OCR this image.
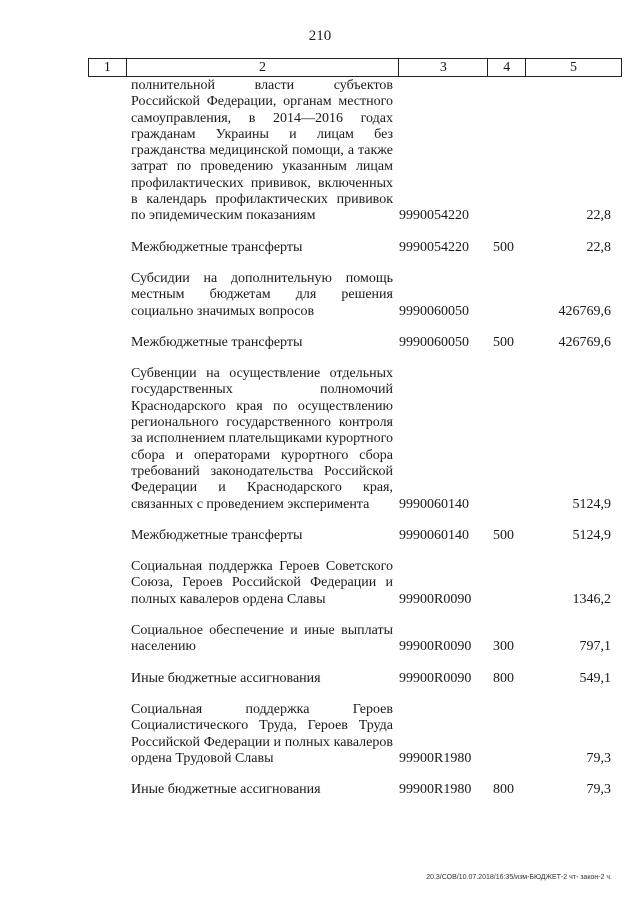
210
1	2	3	4	5
полнительной власти субъектов Российской Федерации, органам местного самоуправления, в 2014—2016 годах гражданам Украины и лицам без гражданства медицинской помощи, а также затрат по проведению указанным лицам профилактических прививок, включенных в календарь профилактических прививок по эпидемическим показаниям	9990054220	22,8
Межбюджетные трансферты	9990054220 500	22,8
Субсидии на дополнительную помощь местным бюджетам для решения социально значимых вопросов	9990060050	426769,6
Межбюджетные трансферты	9990060050 500	426769,6
Субвенции на осуществление отдельных государственных полномочий Краснодарского края по осуществлению регионального государственного контроля за исполнением плательщиками курортного сбора и операторами курортного сбора требований законодательства Российской Федерации и Краснодарского края, связанных с проведением эксперимента	9990060140	5124,9
Межбюджетные трансферты	9990060140 500	5124,9
Социальная поддержка Героев Советского Союза, Героев Российской Федерации и полных кавалеров ордена Славы	99900R0090	1346,2
Социальное обеспечение и иные выплаты населению	99900R0090 300	797,1
Иные бюджетные ассигнования	99900R0090 800	549,1
Социальная поддержка Героев Социалистического Труда, Героев Труда Российской Федерации и полных кавалеров ордена Трудовой Славы	99900R1980	79,3
Иные бюджетные ассигнования	99900R1980 800	79,3
20.3/СОВ/10.07.2018/16:35/изм-БЮДЖЕТ-2 чт- закон-2 ч.
